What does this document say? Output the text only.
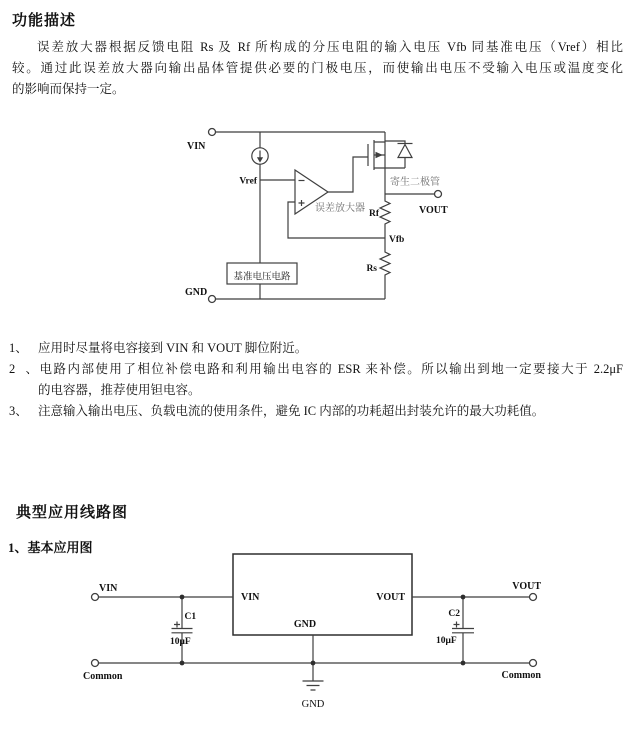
功能描述
误差放大器根据反馈电阻 Rs 及 Rf 所构成的分压电阻的输入电压 Vfb 同基准电压（Vref）相比
较。通过此误差放大器向输出晶体管提供必要的门极电压，而使输出电压不受输入电压或温度变化
的影响而保持一定。
基准电压电路
VIN
Vref
GND
VOUT
Rf
Vfb
Rs
误差放大器
寄生二极管
1、 应用时尽量将电容接到 VIN 和 VOUT 脚位附近。
2、电路内部使用了相位补偿电路和利用输出电容的 ESR 来补偿。所以输出到地一定要接大于 2.2μF
的电容器，推荐使用钽电容。
3、 注意输入输出电压、负载电流的使用条件，避免 IC 内部的功耗超出封装允许的最大功耗值。
典型应用线路图
1、基本应用图
VIN	VOUT
GND
C1
10μF
C2
10μF
VIN	VOUT
Common	Common
GND
